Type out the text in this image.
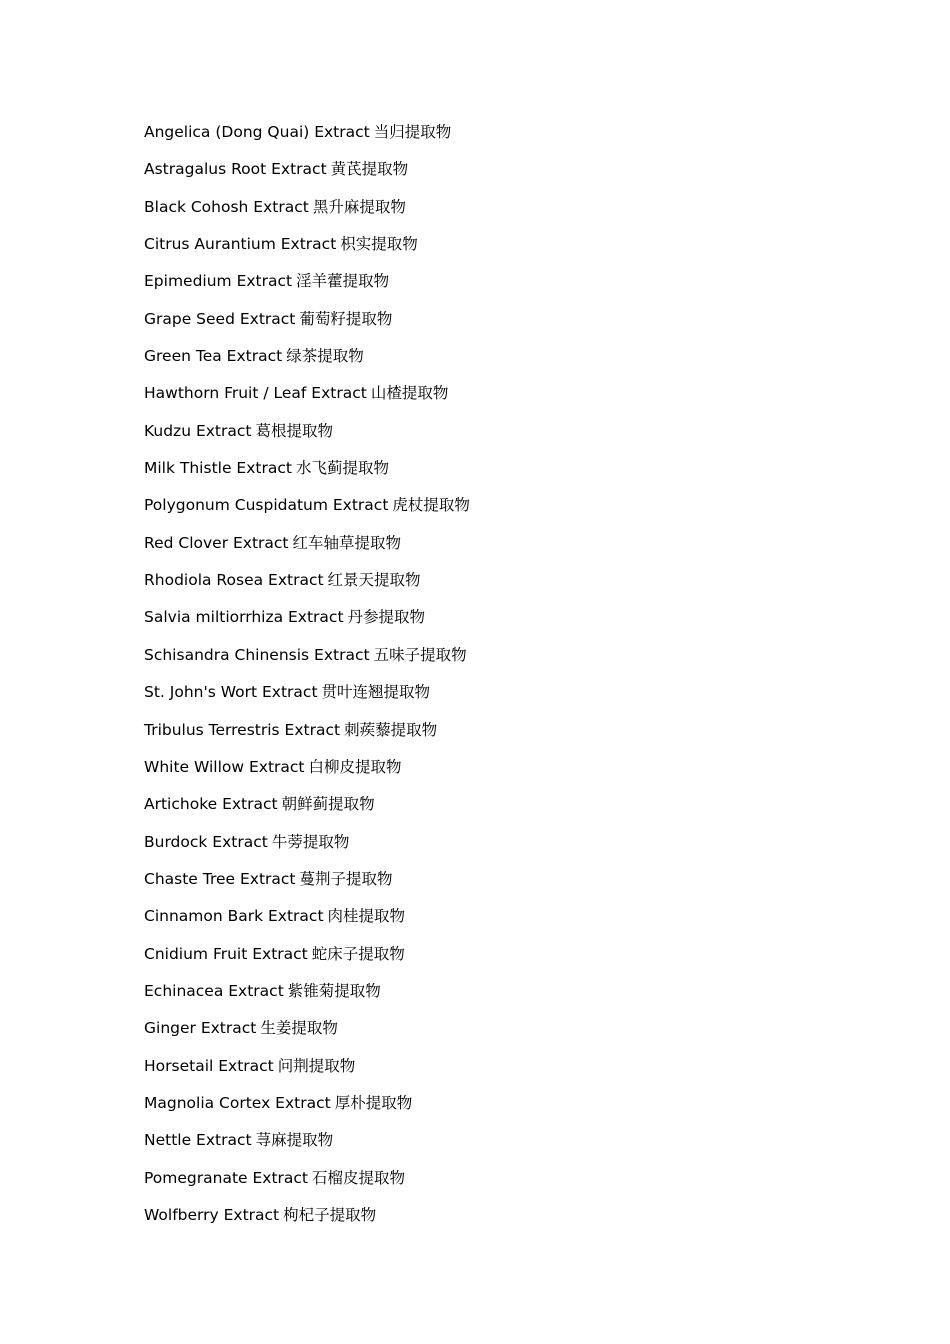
Angelica (Dong Quai) Extract 当归提取物
Astragalus Root Extract 黄芪提取物
Black Cohosh Extract 黑升麻提取物
Citrus Aurantium Extract 枳实提取物
Epimedium Extract 淫羊藿提取物
Grape Seed Extract 葡萄籽提取物
Green Tea Extract 绿茶提取物
Hawthorn Fruit / Leaf Extract 山楂提取物
Kudzu Extract 葛根提取物
Milk Thistle Extract 水飞蓟提取物
Polygonum Cuspidatum Extract 虎杖提取物
Red Clover Extract 红车轴草提取物
Rhodiola Rosea Extract 红景天提取物
Salvia miltiorrhiza Extract 丹参提取物
Schisandra Chinensis Extract 五味子提取物
St. John's Wort Extract 贯叶连翘提取物
Tribulus Terrestris Extract 刺蒺藜提取物
White Willow Extract 白柳皮提取物
Artichoke Extract 朝鲜蓟提取物
Burdock Extract 牛蒡提取物
Chaste Tree Extract 蔓荆子提取物
Cinnamon Bark Extract 肉桂提取物
Cnidium Fruit Extract 蛇床子提取物
Echinacea Extract 紫锥菊提取物
Ginger Extract 生姜提取物
Horsetail Extract 问荆提取物
Magnolia Cortex Extract 厚朴提取物
Nettle Extract 荨麻提取物
Pomegranate Extract 石榴皮提取物
Wolfberry Extract 枸杞子提取物
